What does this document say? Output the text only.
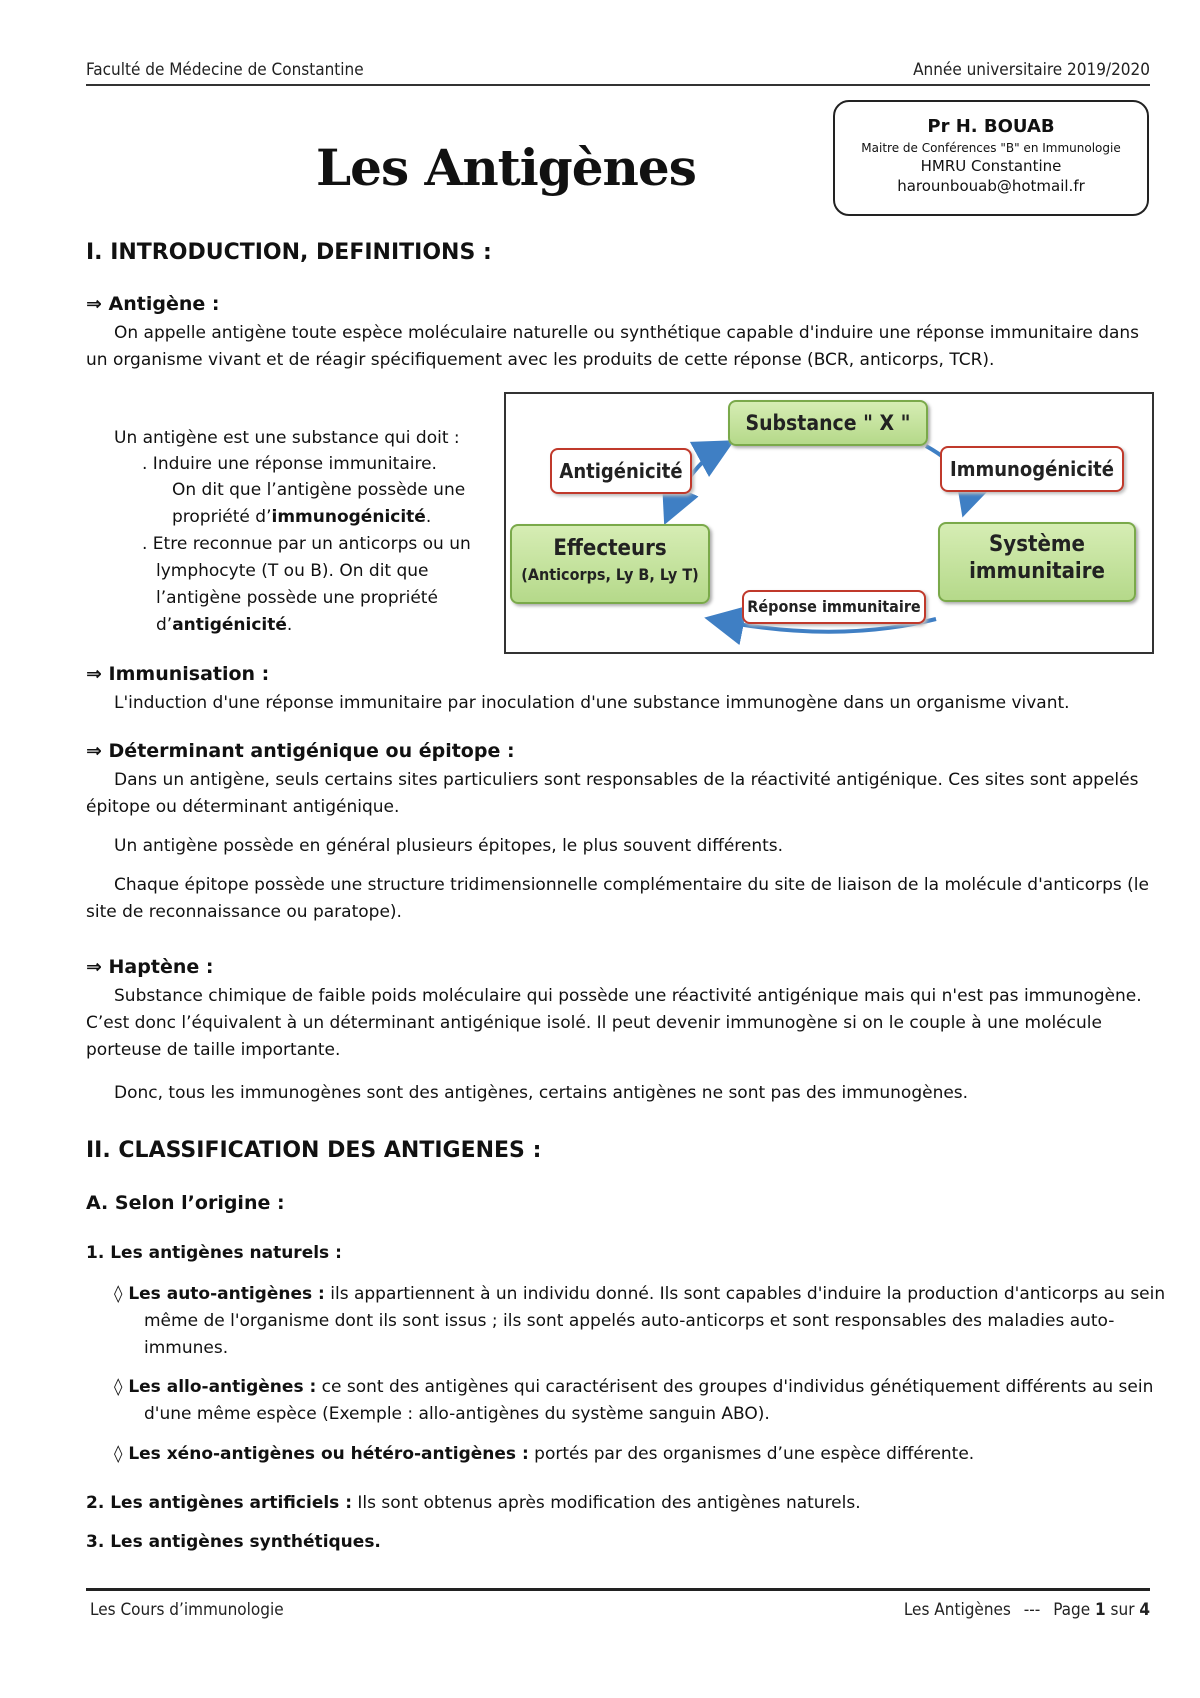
Faculté de Médecine de Constantine	Année universitaire 2019/2020
Les Antigènes
Pr H. BOUAB
Maitre de Conférences "B" en Immunologie
HMRU Constantine
harounbouab@hotmail.fr
I. INTRODUCTION, DEFINITIONS :
⇒ Antigène :
On appelle antigène toute espèce moléculaire naturelle ou synthétique capable d'induire une réponse immunitaire dans un organisme vivant et de réagir spécifiquement avec les produits de cette réponse (BCR, anticorps, TCR).
Un antigène est une substance qui doit :
. Induire une réponse immunitaire.
On dit que l’antigène possède une propriété d’immunogénicité.
. Etre reconnue par un anticorps ou un lymphocyte (T ou B). On dit que l’antigène possède une propriété d’antigénicité.
Substance " X "
Antigénicité	Immunogénicité
Effecteurs
(Anticorps, Ly B, Ly T)
Système
immunitaire
Réponse immunitaire
⇒ Immunisation :
L'induction d'une réponse immunitaire par inoculation d'une substance immunogène dans un organisme vivant.
⇒ Déterminant antigénique ou épitope :
Dans un antigène, seuls certains sites particuliers sont responsables de la réactivité antigénique. Ces sites sont appelés épitope ou déterminant antigénique.
Un antigène possède en général plusieurs épitopes, le plus souvent différents.
Chaque épitope possède une structure tridimensionnelle complémentaire du site de liaison de la molécule d'anticorps (le site de reconnaissance ou paratope).
⇒ Haptène :
Substance chimique de faible poids moléculaire qui possède une réactivité antigénique mais qui n'est pas immunogène. C’est donc l’équivalent à un déterminant antigénique isolé. Il peut devenir immunogène si on le couple à une molécule porteuse de taille importante.
Donc, tous les immunogènes sont des antigènes, certains antigènes ne sont pas des immunogènes.
II. CLASSIFICATION DES ANTIGENES :
A. Selon l’origine :
1. Les antigènes naturels :
◊ Les auto-antigènes : ils appartiennent à un individu donné. Ils sont capables d'induire la production d'anticorps au sein même de l'organisme dont ils sont issus ; ils sont appelés auto-anticorps et sont responsables des maladies auto-immunes.
◊ Les allo-antigènes : ce sont des antigènes qui caractérisent des groupes d'individus génétiquement différents au sein d'une même espèce (Exemple : allo-antigènes du système sanguin ABO).
◊ Les xéno-antigènes ou hétéro-antigènes : portés par des organismes d’une espèce différente.
2. Les antigènes artificiels : Ils sont obtenus après modification des antigènes naturels.
3. Les antigènes synthétiques.
Les Cours d’immunologie	Les Antigènes --- Page 1 sur 4
